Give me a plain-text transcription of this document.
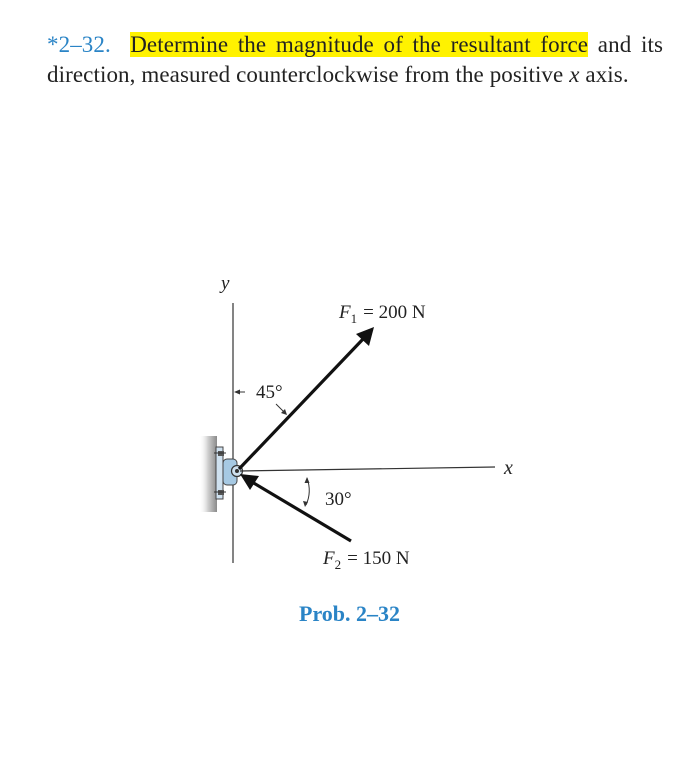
*2–32. Determine the magnitude of the resultant force and its direction, measured counterclockwise from the positive x axis.
y
x
$F_1 = 200$ N
$F_2 = 150$ N
45°
30°
Prob. 2–32
